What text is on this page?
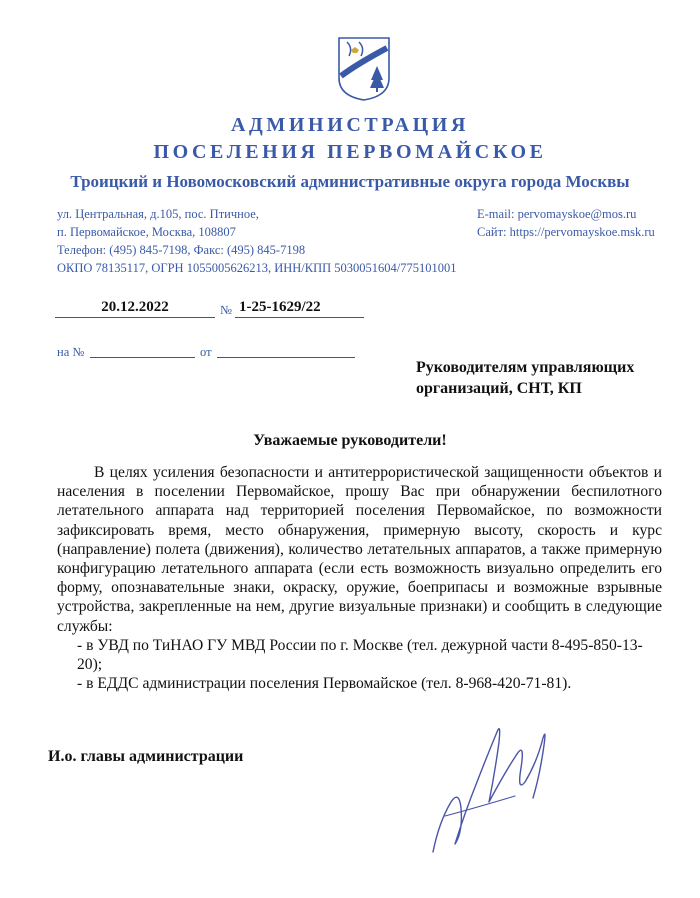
АДМИНИСТРАЦИЯ
ПОСЕЛЕНИЯ ПЕРВОМАЙСКОЕ
Троицкий и Новомосковский административные округа города Москвы
ул. Центральная, д.105, пос. Птичное,
п. Первомайское, Москва, 108807
Телефон: (495) 845-7198, Факс: (495) 845-7198
ОКПО 78135117, ОГРН 1055005626213, ИНН/КПП 5030051604/775101001
E-mail: pervomayskoe@mos.ru
Сайт: https://pervomayskoe.msk.ru
20.12.2022	№ 1-25-1629/22
на №	от
Руководителям управляющих
организаций, СНТ, КП
Уважаемые руководители!

В целях усиления безопасности и антитеррористической защищенности объектов и населения в поселении Первомайское, прошу Вас при обнаружении беспилотного летательного аппарата над территорией поселения Первомайское, по возможности зафиксировать время, место обнаружения, примерную высоту, скорость и курс (направление) полета (движения), количество летательных аппаратов, а также примерную конфигурацию летательного аппарата (если есть возможность визуально определить его форму, опознавательные знаки, окраску, оружие, боеприпасы и возможные взрывные устройства, закрепленные на нем, другие визуальные признаки) и сообщить в следующие службы:

- в УВД по ТиНАО ГУ МВД России по г. Москве (тел. дежурной части 8-495-850-13-20);

- в ЕДДС администрации поселения Первомайское (тел. 8-968-420-71-81).

И.о. главы администрации
